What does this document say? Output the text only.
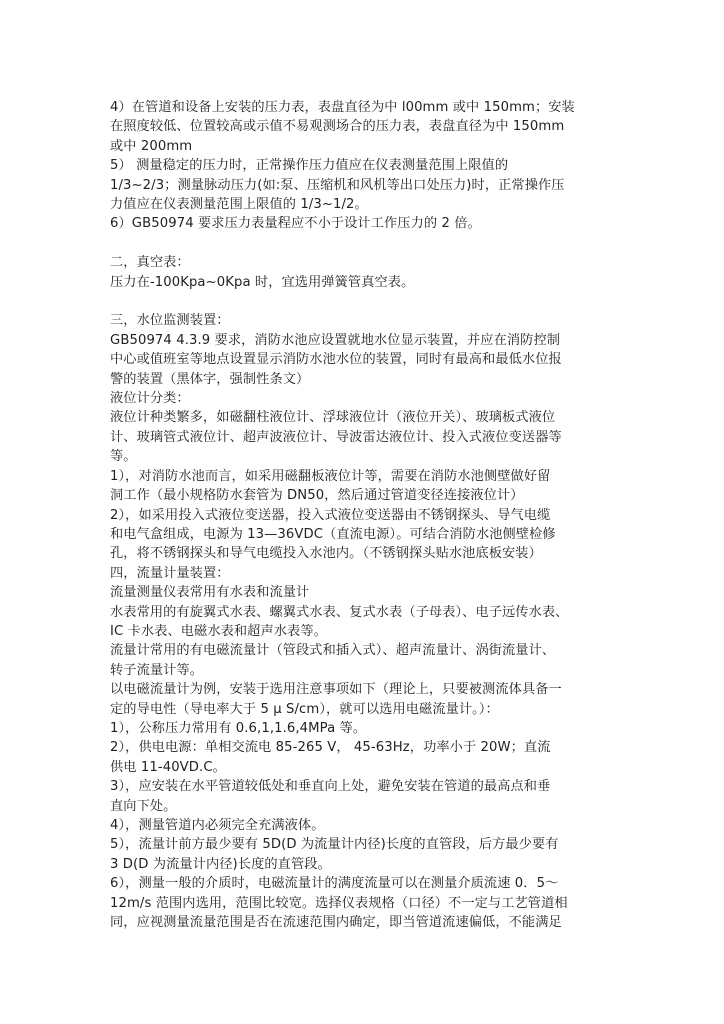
4）在管道和设备上安装的压力表，表盘直径为中 l00mm 或中 150mm；安装
在照度较低、位置较高或示值不易观测场合的压力表，表盘直径为中 150mm
或中 200mm
5） 测量稳定的压力时，正常操作压力值应在仪表测量范围上限值的
1/3~2/3；测量脉动压力(如:泵、压缩机和风机等出口处压力)时，正常操作压
力值应在仪表测量范围上限值的 1/3~1/2。
6）GB50974 要求压力表量程应不小于设计工作压力的 2 倍。
二，真空表：
压力在-100Kpa~0Kpa 时，宜选用弹簧管真空表。
三，水位监测装置：
GB50974 4.3.9 要求，消防水池应设置就地水位显示装置，并应在消防控制
中心或值班室等地点设置显示消防水池水位的装置，同时有最高和最低水位报
警的装置（黑体字，强制性条文）
液位计分类：
液位计种类繁多，如磁翻柱液位计、浮球液位计（液位开关）、玻璃板式液位
计、玻璃管式液位计、超声波液位计、导波雷达液位计、投入式液位变送器等
等。
1），对消防水池而言，如采用磁翻板液位计等，需要在消防水池侧壁做好留
洞工作（最小规格防水套管为 DN50，然后通过管道变径连接液位计）
2），如采用投入式液位变送器，投入式液位变送器由不锈钢探头、导气电缆
和电气盒组成，电源为 13—36VDC（直流电源）。可结合消防水池侧壁检修
孔，将不锈钢探头和导气电缆投入水池内。（不锈钢探头贴水池底板安装）
四，流量计量装置：
流量测量仪表常用有水表和流量计
水表常用的有旋翼式水表、螺翼式水表、复式水表（子母表）、电子远传水表、
IC 卡水表、电磁水表和超声水表等。
流量计常用的有电磁流量计（管段式和插入式）、超声流量计、涡街流量计、
转子流量计等。
以电磁流量计为例，安装于选用注意事项如下（理论上，只要被测流体具备一
定的导电性（导电率大于 5 μ S/cm），就可以选用电磁流量计。）：
1），公称压力常用有 0.6,1,1.6,4MPa 等。
2），供电电源：单相交流电 85-265 V， 45-63Hz，功率小于 20W；直流
供电 11-40VD.C。
3），应安装在水平管道较低处和垂直向上处，避免安装在管道的最高点和垂
直向下处。
4），测量管道内必须完全充满液体。
5），流量计前方最少要有 5D(D 为流量计内径)长度的直管段，后方最少要有
3 D(D 为流量计内径)长度的直管段。
6），测量一般的介质时，电磁流量计的满度流量可以在测量介质流速 0．5～
12m/s 范围内选用，范围比较宽。选择仪表规格（口径）不一定与工艺管道相
同，应视测量流量范围是否在流速范围内确定，即当管道流速偏低，不能满足
